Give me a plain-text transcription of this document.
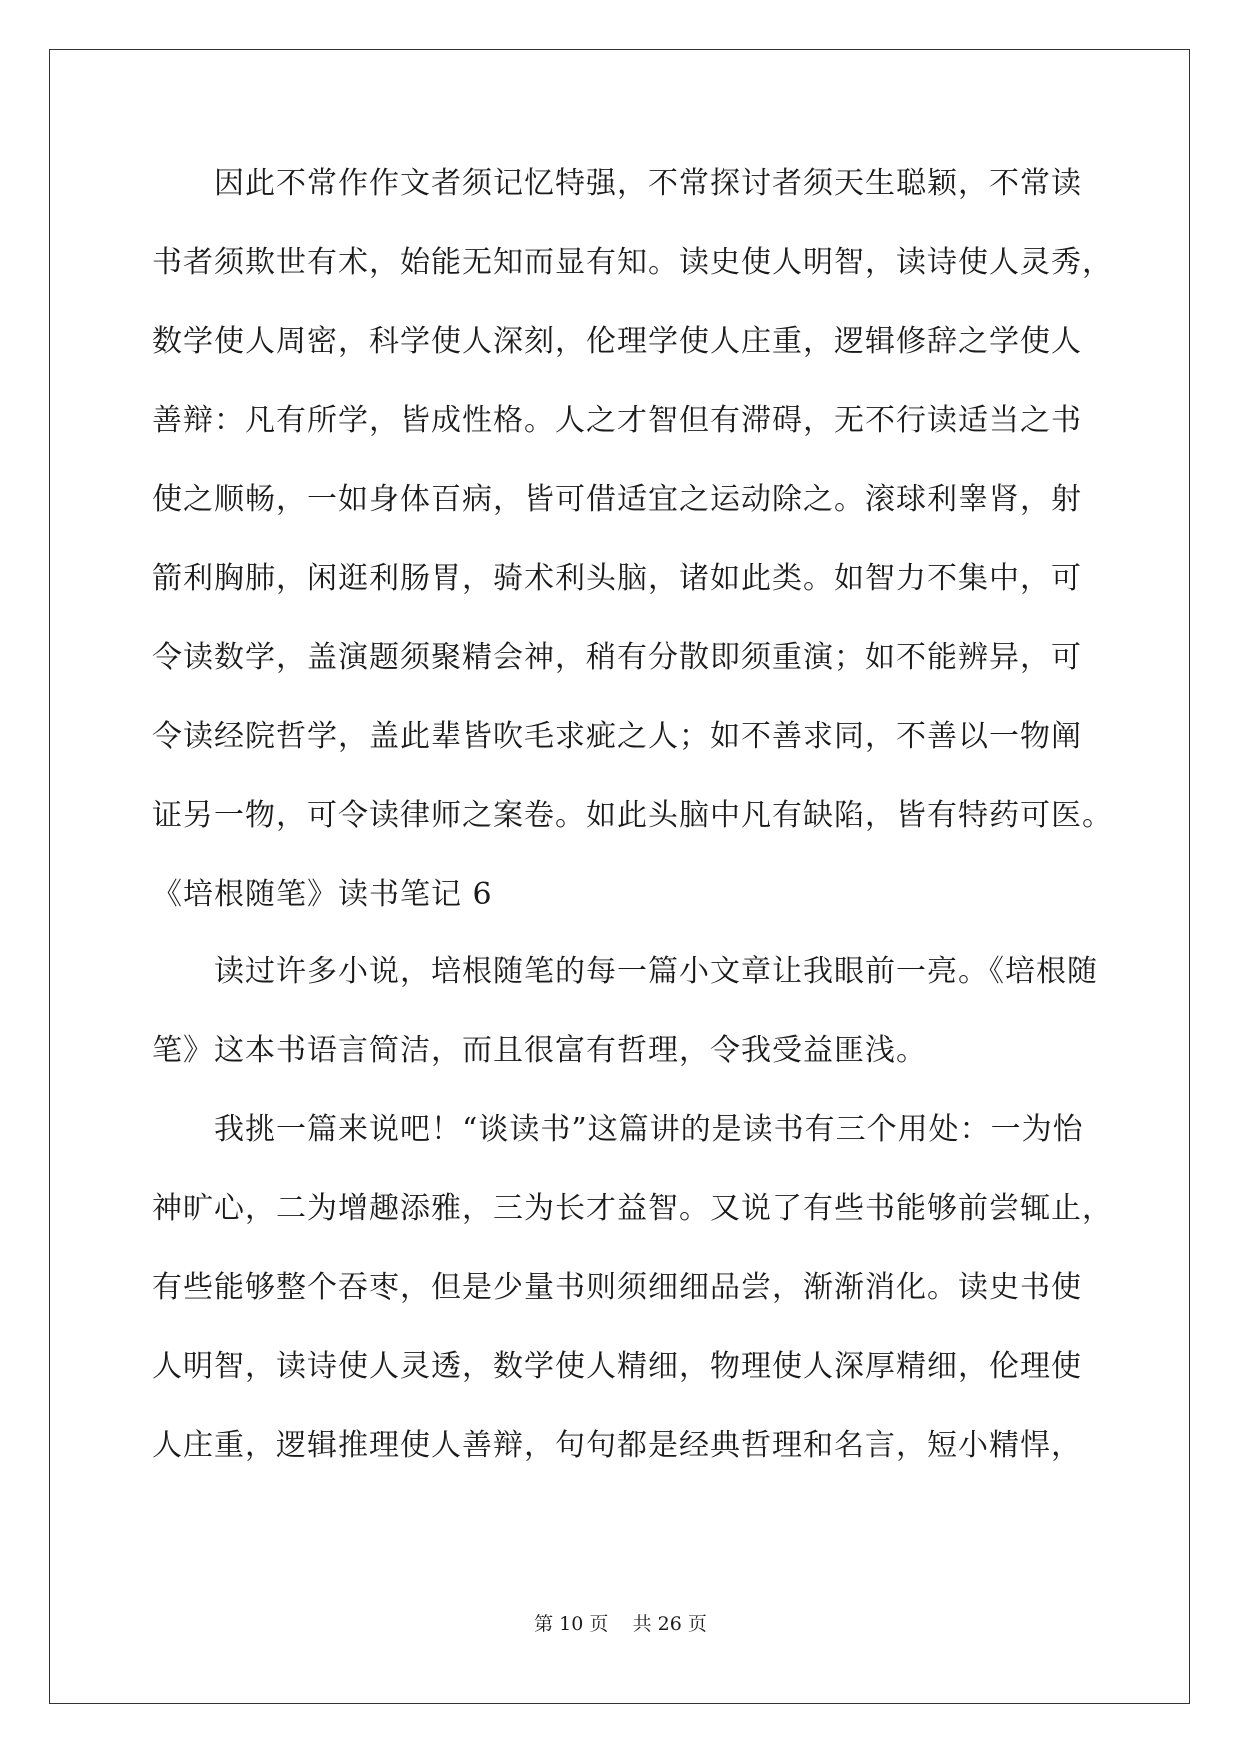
因此不常作作文者须记忆特强，不常探讨者须天生聪颖，不常读
书者须欺世有术，始能无知而显有知。读史使人明智，读诗使人灵秀，
数学使人周密，科学使人深刻，伦理学使人庄重，逻辑修辞之学使人
善辩：凡有所学，皆成性格。人之才智但有滞碍，无不行读适当之书
使之顺畅，一如身体百病，皆可借适宜之运动除之。滚球利睾肾，射
箭利胸肺，闲逛利肠胃，骑术利头脑，诸如此类。如智力不集中，可
令读数学，盖演题须聚精会神，稍有分散即须重演；如不能辨异，可
令读经院哲学，盖此辈皆吹毛求疵之人；如不善求同，不善以一物阐
证另一物，可令读律师之案卷。如此头脑中凡有缺陷，皆有特药可医。
《培根随笔》读书笔记 6
读过许多小说，培根随笔的每一篇小文章让我眼前一亮。《培根随
笔》这本书语言简洁，而且很富有哲理，令我受益匪浅。
我挑一篇来说吧！“谈读书”这篇讲的是读书有三个用处：一为怡
神旷心，二为增趣添雅，三为长才益智。又说了有些书能够前尝辄止，
有些能够整个吞枣，但是少量书则须细细品尝，渐渐消化。读史书使
人明智，读诗使人灵透，数学使人精细，物理使人深厚精细，伦理使
人庄重，逻辑推理使人善辩，句句都是经典哲理和名言，短小精悍，
第 10 页 共 26 页
